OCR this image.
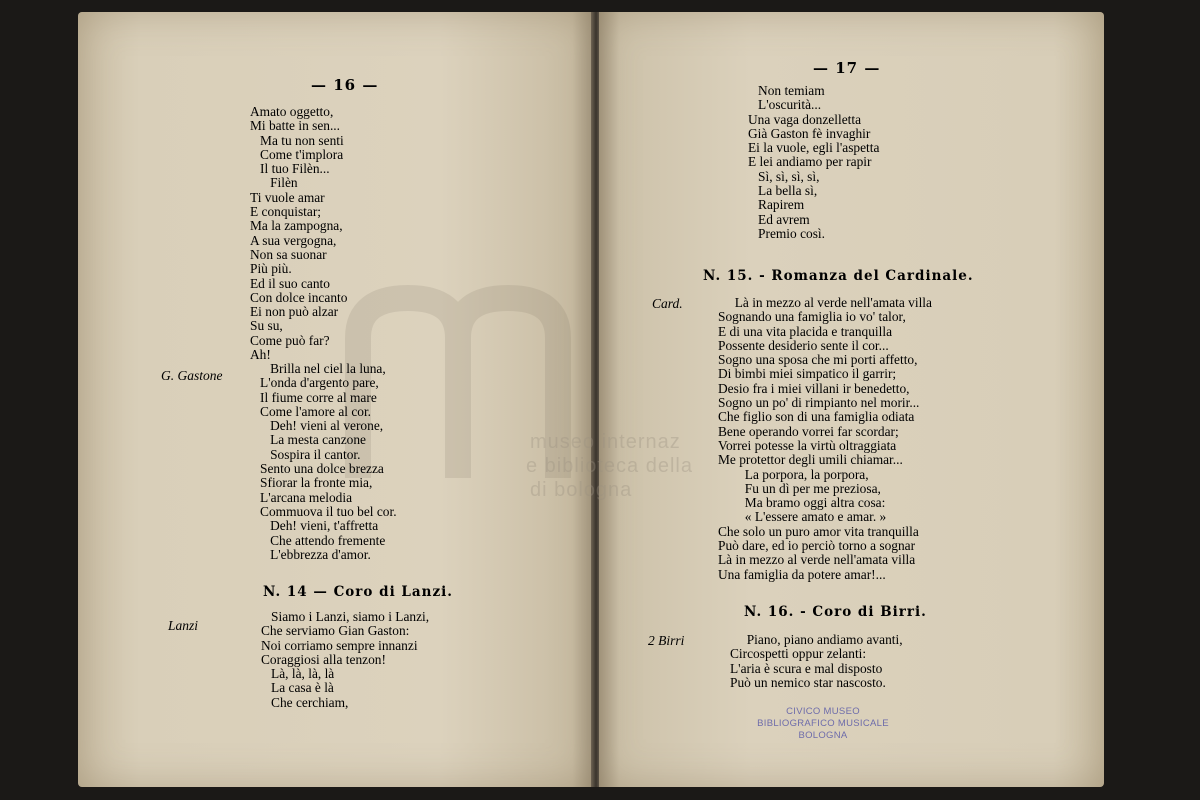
museo internaz
e biblioteca della
di bologna
— 16 —
Amato oggetto,
Mi batte in sen...
Ma tu non senti
Come t'implora
Il tuo Filèn...
Filèn
Ti vuole amar
E conquistar;
Ma la zampogna,
A sua vergogna,
Non sa suonar
Più più.
Ed il suo canto
Con dolce incanto
Ei non può alzar
Su su,
Come può far?
Ah!
G. Gastone Brilla nel ciel la luna,
L'onda d'argento pare,
Il fiume corre al mare
Come l'amore al cor.
Deh! vieni al verone,
La mesta canzone
Sospira il cantor.
Sento una dolce brezza
Sfiorar la fronte mia,
L'arcana melodia
Commuova il tuo bel cor.
Deh! vieni, t'affretta
Che attendo fremente
L'ebbrezza d'amor.
N. 14 — Coro di Lanzi.
Lanzi
Siamo i Lanzi, siamo i Lanzi,
Che serviamo Gian Gaston:
Noi corriamo sempre innanzi
Coraggiosi alla tenzon!
Là, là, là, là
La casa è là
Che cerchiam,
— 17 —
Non temiam
L'oscurità...
Una vaga donzelletta
Già Gaston fè invaghir
Ei la vuole, egli l'aspetta
E lei andiamo per rapir
Sì, sì, sì, sì,
La bella sì,
Rapirem
Ed avrem
Premio così.
N. 15. - Romanza del Cardinale.
Card.	Là in mezzo al verde nell'amata villa
Sognando una famiglia io vo' talor,
E di una vita placida e tranquilla
Possente desiderio sente il cor...
Sogno una sposa che mi porti affetto,
Di bimbi miei simpatico il garrir;
Desio fra i miei villani ir benedetto,
Sogno un po' di rimpianto nel morir...
Che figlio son di una famiglia odiata
Bene operando vorrei far scordar;
Vorrei potesse la virtù oltraggiata
Me protettor degli umili chiamar...
La porpora, la porpora,
Fu un dì per me preziosa,
Ma bramo oggi altra cosa:
« L'essere amato e amar. »
Che solo un puro amor vita tranquilla
Può dare, ed io perciò torno a sognar
Là in mezzo al verde nell'amata villa
Una famiglia da potere amar!...
N. 16. - Coro di Birri.
2 Birri	Piano, piano andiamo avanti,
Circospetti oppur zelanti:
L'aria è scura e mal disposto
Può un nemico star nascosto.
CIVICO MUSEO
BIBLIOGRAFICO MUSICALE
BOLOGNA
